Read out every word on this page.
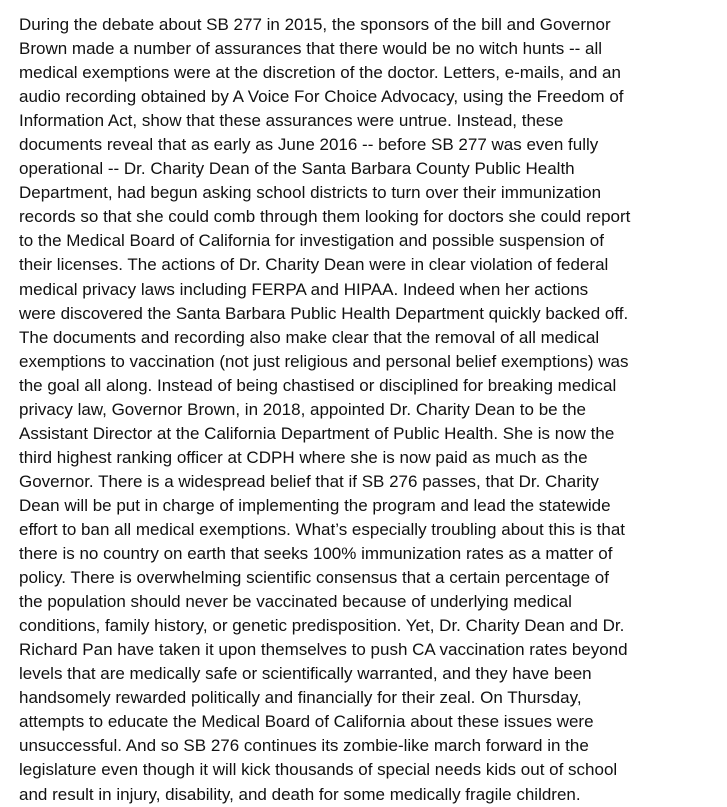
During the debate about SB 277 in 2015, the sponsors of the bill and Governor
Brown made a number of assurances that there would be no witch hunts -- all
medical exemptions were at the discretion of the doctor. Letters, e-mails, and an
audio recording obtained by A Voice For Choice Advocacy, using the Freedom of
Information Act, show that these assurances were untrue. Instead, these
documents reveal that as early as June 2016 -- before SB 277 was even fully
operational -- Dr. Charity Dean of the Santa Barbara County Public Health
Department, had begun asking school districts to turn over their immunization
records so that she could comb through them looking for doctors she could report
to the Medical Board of California for investigation and possible suspension of
their licenses. The actions of Dr. Charity Dean were in clear violation of federal
medical privacy laws including FERPA and HIPAA. Indeed when her actions
were discovered the Santa Barbara Public Health Department quickly backed off.
The documents and recording also make clear that the removal of all medical
exemptions to vaccination (not just religious and personal belief exemptions) was
the goal all along. Instead of being chastised or disciplined for breaking medical
privacy law, Governor Brown, in 2018, appointed Dr. Charity Dean to be the
Assistant Director at the California Department of Public Health. She is now the
third highest ranking officer at CDPH where she is now paid as much as the
Governor. There is a widespread belief that if SB 276 passes, that Dr. Charity
Dean will be put in charge of implementing the program and lead the statewide
effort to ban all medical exemptions. What’s especially troubling about this is that
there is no country on earth that seeks 100% immunization rates as a matter of
policy. There is overwhelming scientific consensus that a certain percentage of
the population should never be vaccinated because of underlying medical
conditions, family history, or genetic predisposition. Yet, Dr. Charity Dean and Dr.
Richard Pan have taken it upon themselves to push CA vaccination rates beyond
levels that are medically safe or scientifically warranted, and they have been
handsomely rewarded politically and financially for their zeal. On Thursday,
attempts to educate the Medical Board of California about these issues were
unsuccessful. And so SB 276 continues its zombie-like march forward in the
legislature even though it will kick thousands of special needs kids out of school
and result in injury, disability, and death for some medically fragile children.
